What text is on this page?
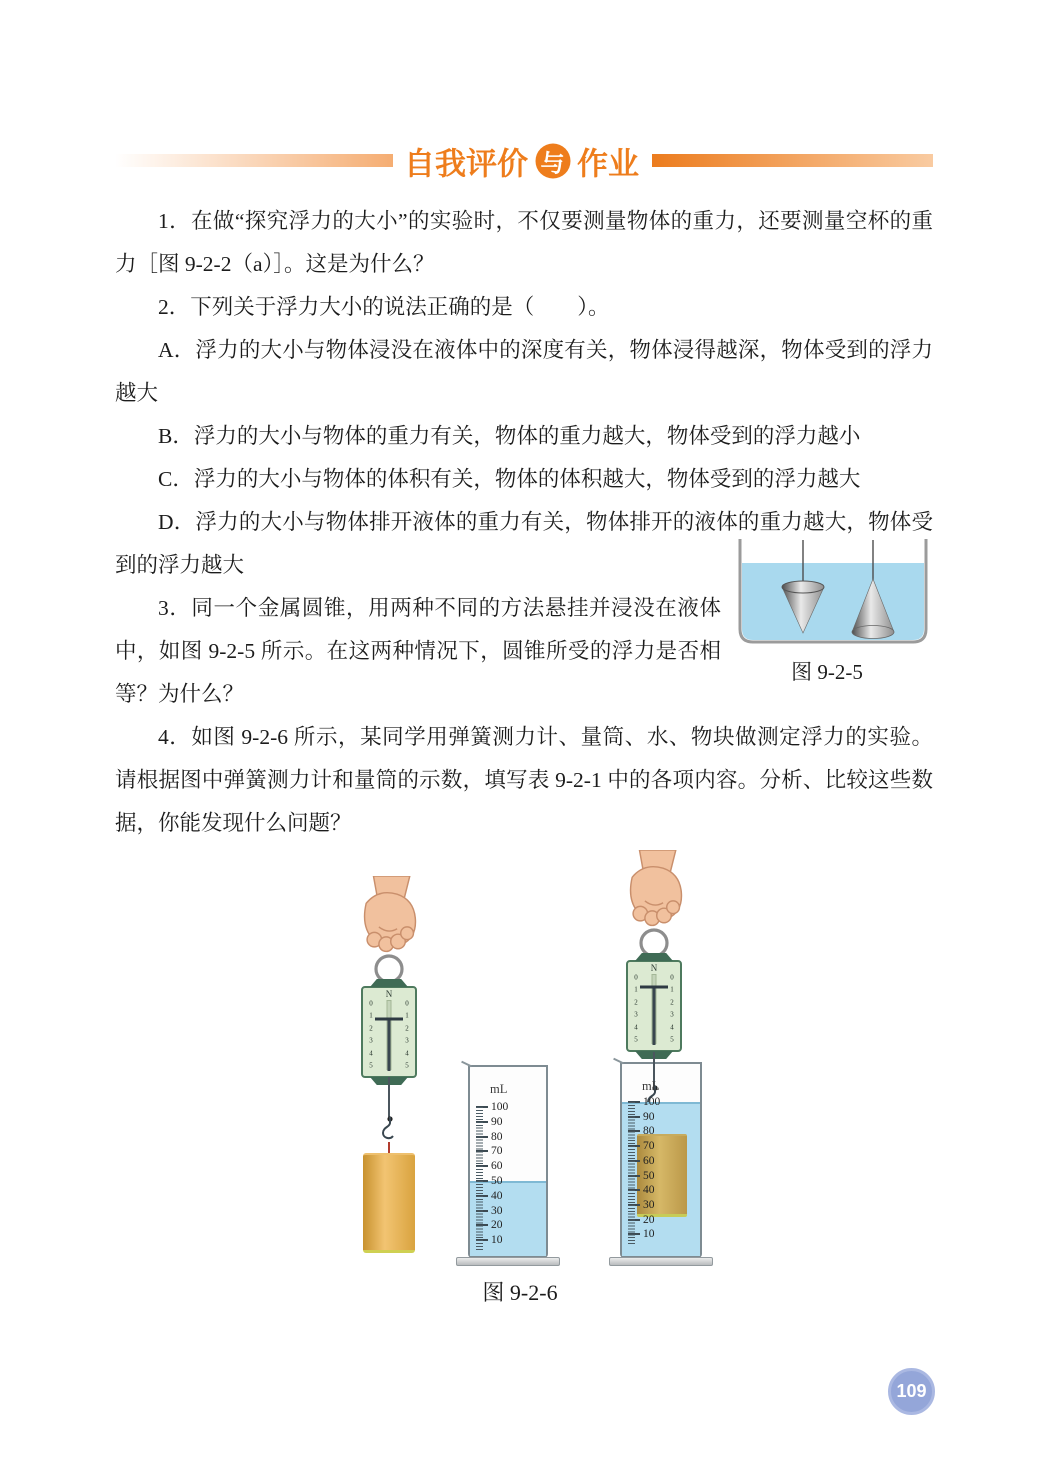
自我评价 与 作业

1．在做“探究浮力的大小”的实验时，不仅要测量物体的重力，还要测量空杯的重力［图 9-2-2（a）］。这是为什么？

2．下列关于浮力大小的说法正确的是（　　）。

A．浮力的大小与物体浸没在液体中的深度有关，物体浸得越深，物体受到的浮力越大

B．浮力的大小与物体的重力有关，物体的重力越大，物体受到的浮力越小

C．浮力的大小与物体的体积有关，物体的体积越大，物体受到的浮力越大

D．浮力的大小与物体排开液体的重力有关，物体排开的液体的重力越大，物体受到的浮力越大

3．同一个金属圆锥，用两种不同的方法悬挂并浸没在液体中，如图 9-2-5 所示。在这两种情况下，圆锥所受的浮力是否相等？为什么？

图 9-2-5

4．如图 9-2-6 所示，某同学用弹簧测力计、量筒、水、物块做测定浮力的实验。请根据图中弹簧测力计和量筒的示数，填写表 9-2-1 中的各项内容。分析、比较这些数据，你能发现什么问题？

N
0
1
2
3
4
5
0
1
2
3
4
5
mL
100
90
80
70
60
50
40
30
20
10
N
0
1
2
3
4
5
0
1
2
3
4
5
mL
100
90
80
70
60
50
40
30
20
10
图 9-2-6
109
